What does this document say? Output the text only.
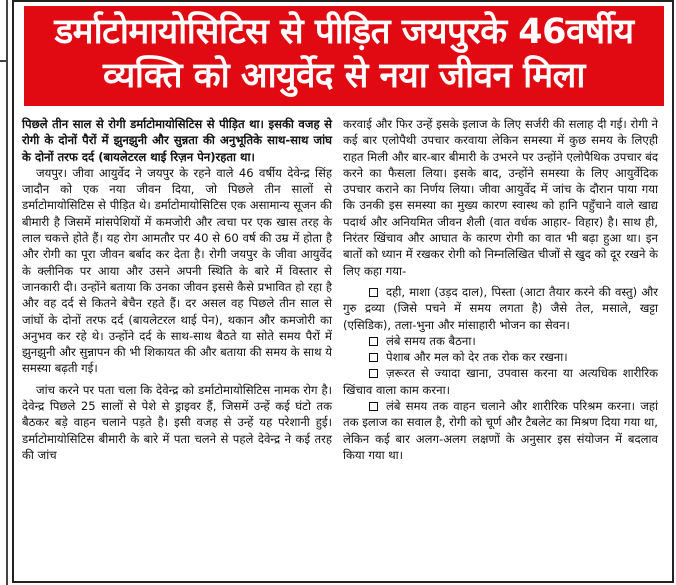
डर्माटोमायोसिटिस से पीड़ित जयपुरके 46वर्षीय
व्यक्ति को आयुर्वेद से नया जीवन मिला

पिछले तीन साल से रोगी डर्माटोमायोसिटिस से पीड़ित था। इसकी वजह से रोगी के दोनों पैरों में झुनझुनी और सुन्नता की अनुभूतिके साथ-साथ जांघ के दोनों तरफ दर्द (बायलेटरल थाई रिज़न पेन)रहता था।

जयपुर। जीवा आयुर्वेद ने जयपुर के रहने वाले 46 वर्षीय देवेन्द्र सिंह जादौन को एक नया जीवन दिया, जो पिछले तीन सालों से डर्माटोमायोसिटिस से पीड़ित थे। डर्माटोमायोसिटिस एक असामान्य सूजन की बीमारी है जिसमें मांसपेशियों में कमजोरी और त्वचा पर एक खास तरह के लाल चकत्ते होते हैं। यह रोग आमतौर पर 40 से 60 वर्ष की उम्र में होता है और रोगी का पूरा जीवन बर्बाद कर देता है। रोगी जयपुर के जीवा आयुर्वेद के क्लीनिक पर आया और उसने अपनी स्थिति के बारे में विस्तार से जानकारी दी। उन्होंने बताया कि उनका जीवन इससे कैसे प्रभावित हो रहा है और वह दर्द से कितने बेचैन रहते हैं। दर असल वह पिछले तीन साल से जांघों के दोनों तरफ दर्द (बायलेटरल थाई पेन), थकान और कमजोरी का अनुभव कर रहे थे। उन्होंने दर्द के साथ-साथ बैठते या सोते समय पैरों में झुनझुनी और सुन्नापन की भी शिकायत की और बताया की समय के साथ ये समस्या बढ़ती गई।

जांच करने पर पता चला कि देवेन्द्र को डर्माटोमायोसिटिस नामक रोग है। देवेन्द्र पिछले 25 सालों से पेशे से ड्राइवर हैं, जिसमें उन्हें कई घंटो तक बैठकर बड़े वाहन चलाने पड़ते है। इसी वजह से उन्हें यह परेशानी हुई। डर्माटोमायोसिटिस बीमारी के बारे में पता चलने से पहले देवेन्द्र ने कई तरह की जांच

करवाई और फिर उन्हें इसके इलाज के लिए सर्जरी की सलाह दी गई। रोगी ने कई बार एलोपैथी उपचार करवाया लेकिन समस्या में कुछ समय के लिएही राहत मिली और बार-बार बीमारी के उभरने पर उन्होंने एलोपैथिक उपचार बंद करने का फैसला लिया। इसके बाद, उन्होंने समस्या के लिए आयुर्वेदिक उपचार कराने का निर्णय लिया। जीवा आयुर्वेद में जांच के दौरान पाया गया कि उनकी इस समस्या का मुख्य कारण स्वास्थ को हानि पहुँचाने वाले खाद्य पदार्थ और अनियमित जीवन शैली (वात वर्धक आहार- विहार) है। साथ ही, निरंतर खिंचाव और आघात के कारण रोगी का वात भी बढ़ा हुआ था। इन बातों को ध्यान में रखकर रोगी को निम्नलिखित चीजों से खुद को दूर रखने के लिए कहा गया-

दही, माशा (उड़द दाल), पिस्ता (आटा तैयार करने की वस्तु) और गुरु द्रव्या (जिसे पचने में समय लगता है) जैसे तेल, मसाले, खट्टा (एसिडिक), तला-भुना और मांसाहारी भोजन का सेवन।

लंबे समय तक बैठना।

पेशाब और मल को देर तक रोक कर रखना।

ज़रूरत से ज्यादा खाना, उपवास करना या अत्यधिक शारीरिक खिंचाव वाला काम करना।

लंबे समय तक वाहन चलाने और शारीरिक परिश्रम करना। जहां तक इलाज का सवाल है, रोगी को चूर्ण और टैबलेट का मिश्रण दिया गया था, लेकिन कई बार अलग-अलग लक्षणों के अनुसार इस संयोजन में बदलाव किया गया था।
